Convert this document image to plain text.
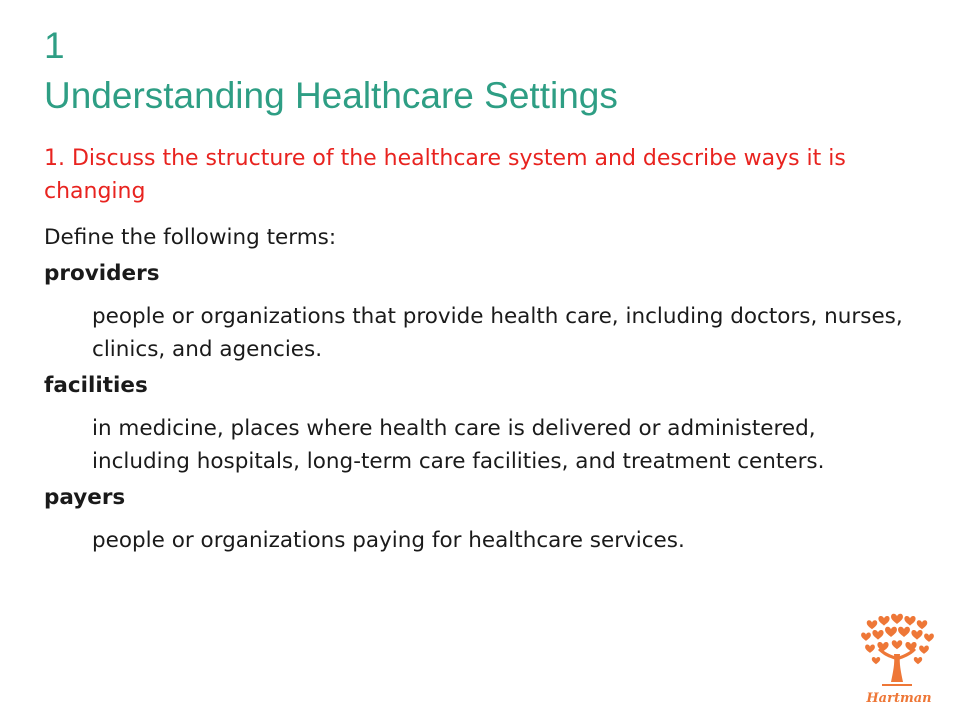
1
Understanding Healthcare Settings
1. Discuss the structure of the healthcare system and describe ways it is changing

Define the following terms:

providers

people or organizations that provide health care, including doctors, nurses, clinics, and agencies.

facilities

in medicine, places where health care is delivered or administered, including hospitals, long-term care facilities, and treatment centers.

payers

people or organizations paying for healthcare services.

Hartman
